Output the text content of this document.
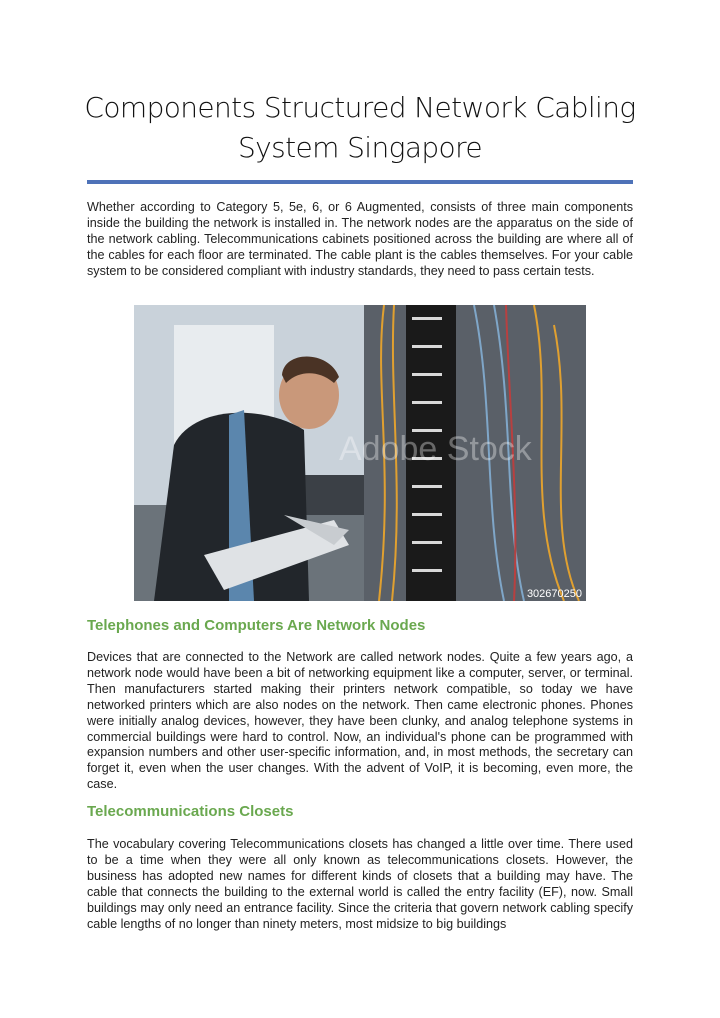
Components Structured Network Cabling
System Singapore

Whether according to Category 5, 5e, 6, or 6 Augmented, consists of three main components inside the building the network is installed in. The network nodes are the apparatus on the side of the network cabling. Telecommunications cabinets positioned across the building are where all of the cables for each floor are terminated. The cable plant is the cables themselves. For your cable system to be considered compliant with industry standards, they need to pass certain tests.

Adobe Stock
302670250
Telephones and Computers Are Network Nodes

Devices that are connected to the Network are called network nodes. Quite a few years ago, a network node would have been a bit of networking equipment like a computer, server, or terminal. Then manufacturers started making their printers network compatible, so today we have networked printers which are also nodes on the network. Then came electronic phones. Phones were initially analog devices, however, they have been clunky, and analog telephone systems in commercial buildings were hard to control. Now, an individual's phone can be programmed with expansion numbers and other user-specific information, and, in most methods, the secretary can forget it, even when the user changes. With the advent of VoIP, it is becoming, even more, the case.

Telecommunications Closets

The vocabulary covering Telecommunications closets has changed a little over time. There used to be a time when they were all only known as telecommunications closets. However, the business has adopted new names for different kinds of closets that a building may have. The cable that connects the building to the external world is called the entry facility (EF), now. Small buildings may only need an entrance facility. Since the criteria that govern network cabling specify cable lengths of no longer than ninety meters, most midsize to big buildings
